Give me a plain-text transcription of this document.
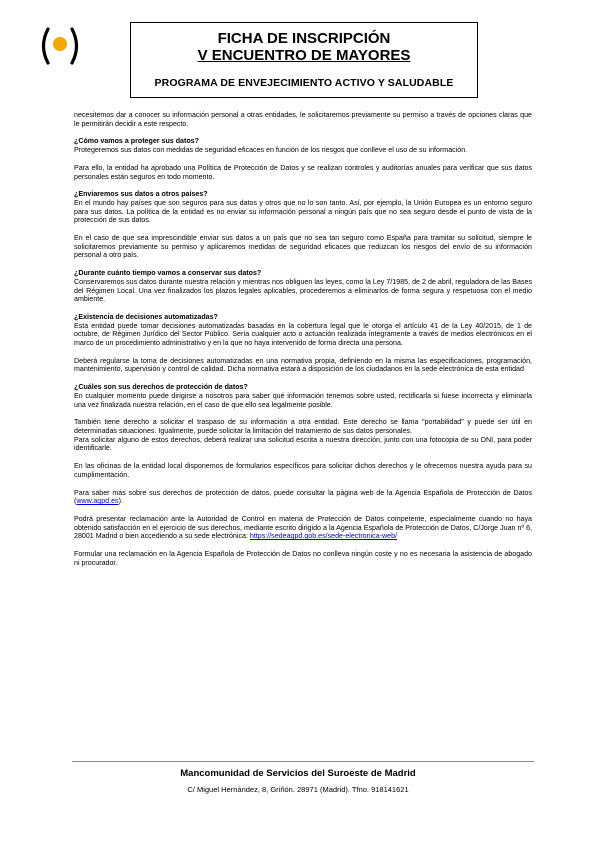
FICHA DE INSCRIPCIÓN
V ENCUENTRO DE MAYORES
PROGRAMA DE ENVEJECIMIENTO ACTIVO Y SALUDABLE

necesitemos dar a conocer su información personal a otras entidades, le solicitaremos previamente su permiso a través de opciones claras que le permitirán decidir a este respecto.

¿Cómo vamos a proteger sus datos?

Protegeremos sus datos con medidas de seguridad eficaces en función de los riesgos que conlleve el uso de su información.

Para ello, la entidad ha aprobado una Política de Protección de Datos y se realizan controles y auditorías anuales para verificar que sus datos personales están seguros en todo momento.

¿Enviaremos sus datos a otros países?

En el mundo hay países que son seguros para sus datos y otros que no lo son tanto. Así, por ejemplo, la Unión Europea es un entorno seguro para sus datos. La política de la entidad es no enviar su información personal a ningún país que no sea seguro desde el punto de vista de la protección de sus datos.

En el caso de que sea imprescindible enviar sus datos a un país que no sea tan seguro como España para tramitar su solicitud, siempre le solicitaremos previamente su permiso y aplicaremos medidas de seguridad eficaces que reduzcan los riesgos del envío de su información personal a otro país.

¿Durante cuánto tiempo vamos a conservar sus datos?

Conservaremos sus datos durante nuestra relación y mientras nos obliguen las leyes, como la Ley 7/1985, de 2 de abril, reguladora de las Bases del Régimen Local. Una vez finalizados los plazos legales aplicables, procederemos a eliminarlos de forma segura y respetuosa con el medio ambiente.

¿Existencia de decisiones automatizadas?

Esta entidad puede tomar decisiones automatizadas basadas en la cobertura legal que le otorga el artículo 41 de la Ley 40/2015, de 1 de octubre, de Régimen Jurídico del Sector Público. Sería cualquier acto o actuación realizada íntegramente a través de medios electrónicos en el marco de un procedimiento administrativo y en la que no haya intervenido de forma directa una persona.

Deberá regularse la toma de decisiones automatizadas en una normativa propia, definiendo en la misma las especificaciones, programación, mantenimiento, supervisión y control de calidad. Dicha normativa estará a disposición de los ciudadanos en la sede electrónica de esta entidad

¿Cuáles son sus derechos de protección de datos?

En cualquier momento puede dirigirse a nosotros para saber qué información tenemos sobre usted, rectificarla si fuese incorrecta y eliminarla una vez finalizada nuestra relación, en el caso de que ello sea legalmente posible.

También tiene derecho a solicitar el traspaso de su información a otra entidad. Este derecho se llama "portabilidad" y puede ser útil en determinadas situaciones. Igualmente, puede solicitar la limitación del tratamiento de sus datos personales.

Para solicitar alguno de estos derechos, deberá realizar una solicitud escrita a nuestra dirección, junto con una fotocopia de su DNI, para poder identificarle.

En las oficinas de la entidad local disponemos de formularios específicos para solicitar dichos derechos y le ofrecemos nuestra ayuda para su cumplimentación.

Para saber más sobre sus derechos de protección de datos, puede consultar la página web de la Agencia Española de Protección de Datos (www.agpd.es).

Podrá presentar reclamación ante la Autoridad de Control en materia de Protección de Datos competente, especialmente cuando no haya obtenido satisfacción en el ejercicio de sus derechos, mediante escrito dirigido a la Agencia Española de Protección de Datos, C/Jorge Juan nº 6, 28001 Madrid o bien accediendo a su sede electrónica: https://sedeagpd.gob.es/sede-electronica-web/

Formular una reclamación en la Agencia Española de Protección de Datos no conlleva ningún coste y no es necesaria la asistencia de abogado ni procurador.

Mancomunidad de Servicios del Suroeste de Madrid
C/ Miguel Hernández, 8, Griñón. 28971 (Madrid). Tfno. 918141621
